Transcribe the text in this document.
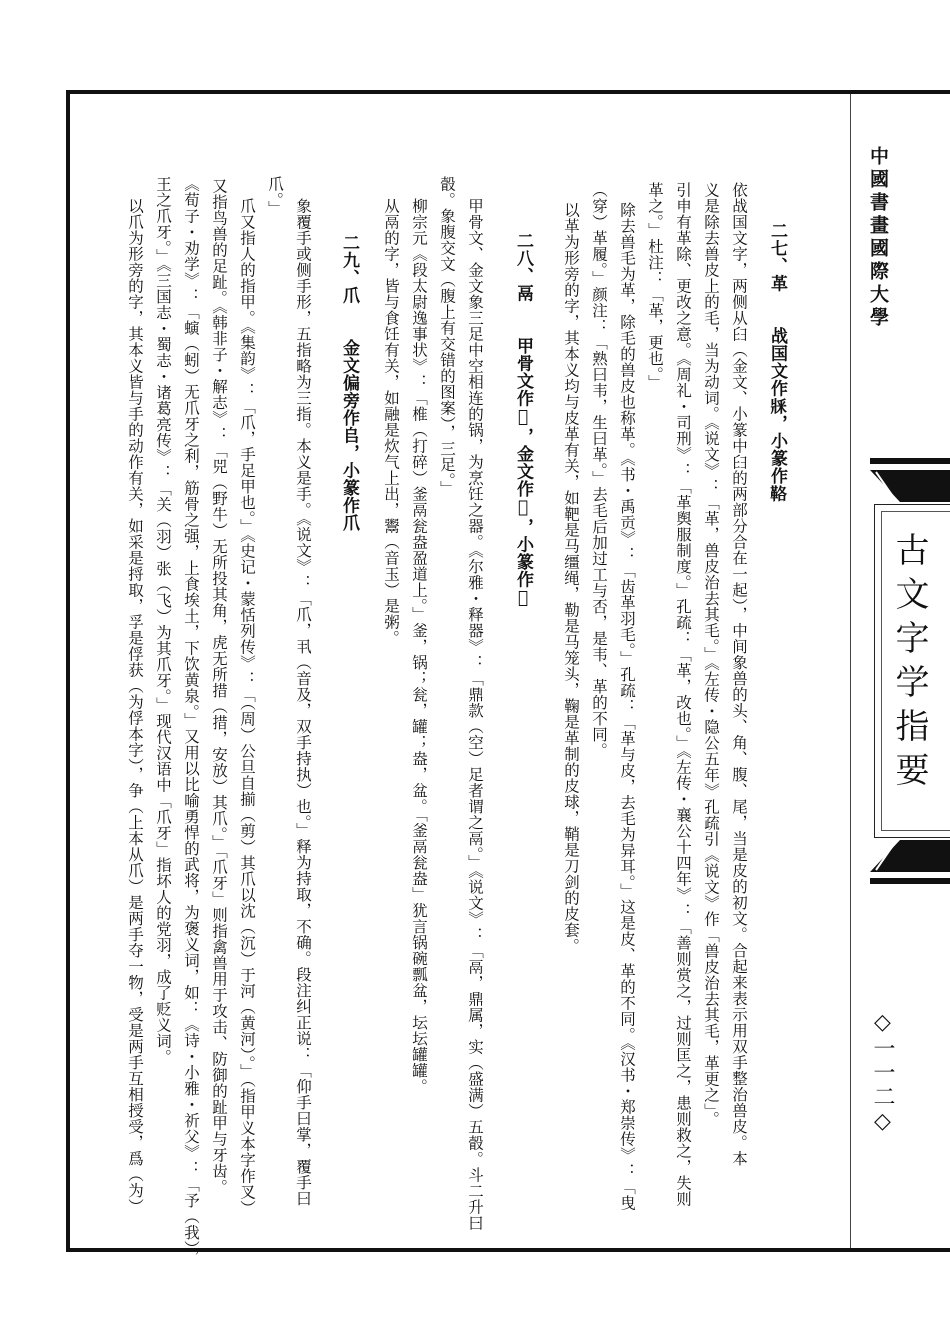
中國書畫國際大學
古文字学指要
◇一一二◇
二七、革　　战国文作𤕽，小篆作𩊚
依战国文字，两侧从𦥑（金文、小篆中𦥑的两部分合在一起），中间象兽的头、角、腹、尾，当是皮的初文。合起来表示用双手整治兽皮。本
义是除去兽皮上的毛，当为动词。《说文》：「革，兽皮治去其毛。」《左传・隐公五年》孔疏引《说文》作「兽皮治去其毛，革更之」。
引申有革除、更改之意。《周礼・司刑》：「革舆服制度。」孔疏：「革，改也。」《左传・襄公十四年》：「善则赏之，过则匡之，患则救之，失则
革之。」杜注：「革，更也。」
除去兽毛为革，除毛的兽皮也称革。《书・禹贡》：「齿革羽毛。」孔疏：「革与皮，去毛为异耳。」这是皮、革的不同。《汉书・郑崇传》：「曳
（穿）革履。」颜注：「熟曰韦，生曰革。」去毛后加过工与否，是韦、革的不同。
以革为形旁的字，其本义均与皮革有关，如靶是马缰绳，勒是马笼头，鞠是革制的皮球，鞘是刀剑的皮套。
二八、鬲　　甲骨文作𠫑，金文作𩰲，小篆作𩰫
甲骨文、金文象三足中空相连的锅，为烹饪之器。《尔雅・释器》：「鼎款（空）足者谓之鬲。」《说文》：「鬲，鼎属，实（盛满）五瞉。斗二升曰
瞉。象腹交文（腹上有交错的图案），三足。」
柳宗元《段太尉逸事状》：「椎（打碎）釜鬲瓮盎盈道上。」釜，锅；瓮，罐；盎，盆。「釜鬲瓮盎」犹言锅碗瓢盆，坛坛罐罐。
从鬲的字，皆与食饪有关，如融是炊气上出，鬻（音玉）是粥。
二九、爪　　金文偏旁作𠂤，小篆作爪
象覆手或侧手形，五指略为三指。本义是手。《说文》：「爪，丮（音及，双手持执）也。」释为持取，不确。段注纠正说：「仰手曰掌，覆手曰
爪。」
爪又指人的指甲。《集韵》：「爪，手足甲也。」《史记・蒙恬列传》：「（周）公旦自揃（剪）其爪以沈（沉）于河（黄河）。」（指甲义本字作叉）
又指鸟兽的足趾。《韩非子・解志》：「兕（野牛）无所投其角，虎无所措（措，安放）其爪。」「爪牙」则指禽兽用于攻击、防御的趾甲与牙齿。
《荀子・劝学》：「螾（蚓）无爪牙之利，筋骨之强，上食埃土，下饮黄泉。」又用以比喻勇悍的武将，为褒义词，如：《诗・小雅・祈父》：「予（我），
王之爪牙。」《三国志・蜀志・诸葛亮传》：「关（羽）张（飞）为其爪牙。」现代汉语中「爪牙」指坏人的党羽，成了贬义词。
以爪为形旁的字，其本义皆与手的动作有关，如采是捋取，孚是俘获（为俘本字），争（上本从爪）是两手夺一物，受是两手互相授受，爲（为）
